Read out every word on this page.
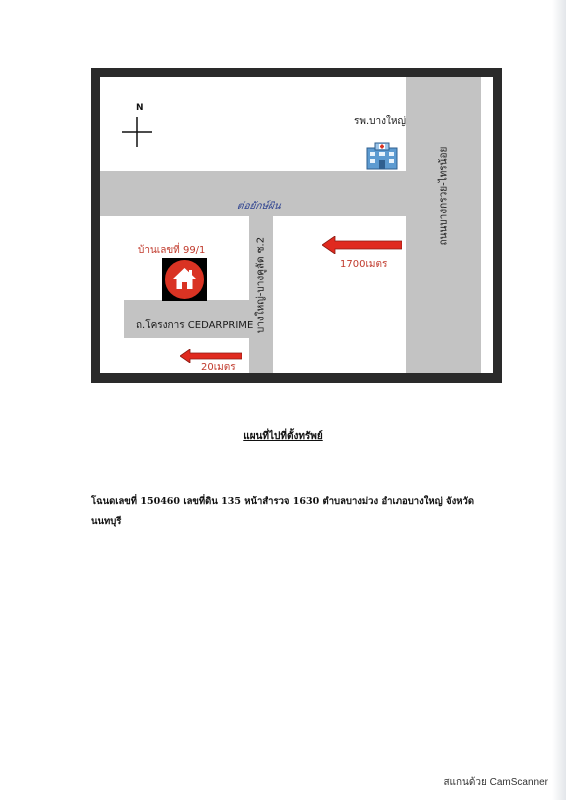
N
รพ.บางใหญ่
ถนนบางกรวย-ไทรน้อย
ต่อยักษ์ผิน
บางใหญ่-บางคูลัด ซ.2
บ้านเลขที่ 99/1
ถ.โครงการ CEDARPRIME
1700เมตร
20เมตร
แผนที่ไปที่ตั้งทรัพย์
โฉนดเลขที่ 150460 เลขที่ดิน 135 หน้าสำรวจ 1630 ตำบลบางม่วง อำเภอบางใหญ่ จังหวัด
นนทบุรี
สแกนด้วย CamScanner
